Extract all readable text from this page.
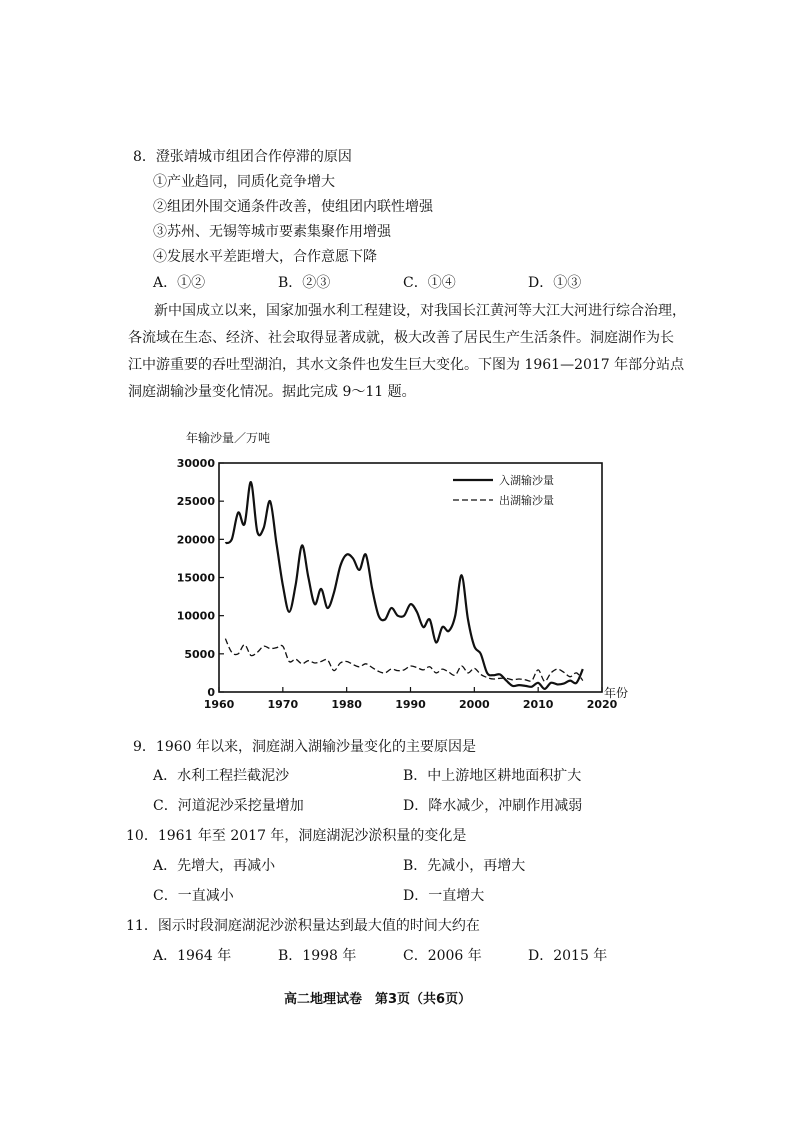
8．澄张靖城市组团合作停滞的原因
①产业趋同，同质化竞争增大
②组团外围交通条件改善，使组团内联性增强
③苏州、无锡等城市要素集聚作用增强
④发展水平差距增大，合作意愿下降
A．①②	B．②③	C．①④	D．①③
新中国成立以来，国家加强水利工程建设，对我国长江黄河等大江大河进行综合治理，
各流域在生态、经济、社会取得显著成就，极大改善了居民生产生活条件。洞庭湖作为长
江中游重要的吞吐型湖泊，其水文条件也发生巨大变化。下图为 1961—2017 年部分站点
洞庭湖输沙量变化情况。据此完成 9～11 题。
0
5000
10000
15000
20000
25000
30000
1960	1970	1980	1990	2000	2010	2020
年输沙量／万吨
年份
入湖输沙量
出湖输沙量
9．1960 年以来，洞庭湖入湖输沙量变化的主要原因是
A．水利工程拦截泥沙	B．中上游地区耕地面积扩大
C．河道泥沙采挖量增加	D．降水减少，冲刷作用减弱
10．1961 年至 2017 年，洞庭湖泥沙淤积量的变化是
A．先增大，再减小	B．先减小，再增大
C．一直减小	D．一直增大
11．图示时段洞庭湖泥沙淤积量达到最大值的时间大约在
A．1964 年	B．1998 年	C．2006 年	D．2015 年
高二地理试卷　第3页（共6页）
